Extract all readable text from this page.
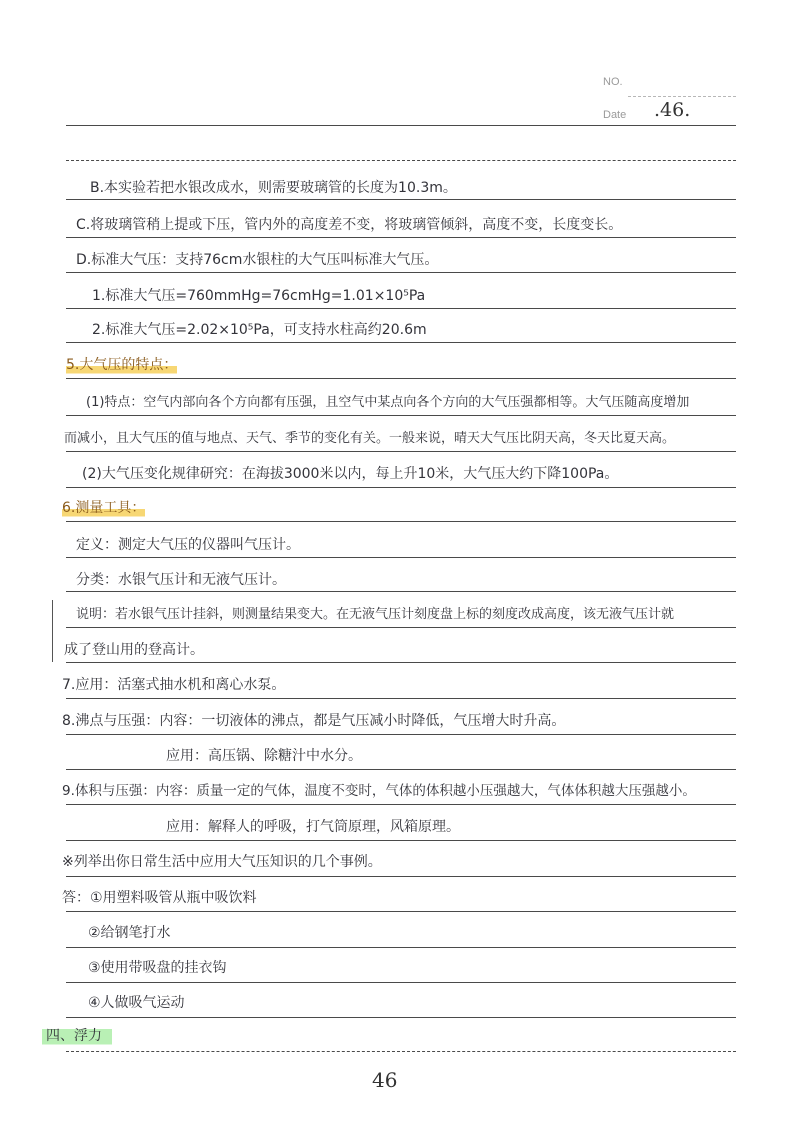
NO.
Date .46.
B.本实验若把水银改成水，则需要玻璃管的长度为10.3m。
C.将玻璃管稍上提或下压，管内外的高度差不变，将玻璃管倾斜，高度不变，长度变长。
D.标准大气压：支持76cm水银柱的大气压叫标准大气压。
1.标准大气压=760mmHg=76cmHg=1.01×10⁵Pa
2.标准大气压=2.02×10⁵Pa，可支持水柱高约20.6m
5.大气压的特点：
(1)特点：空气内部向各个方向都有压强，且空气中某点向各个方向的大气压强都相等。大气压随高度增加
而减小，且大气压的值与地点、天气、季节的变化有关。一般来说，晴天大气压比阴天高，冬天比夏天高。
(2)大气压变化规律研究：在海拔3000米以内，每上升10米，大气压大约下降100Pa。
6.测量工具：
定义：测定大气压的仪器叫气压计。
分类：水银气压计和无液气压计。
说明：若水银气压计挂斜，则测量结果变大。在无液气压计刻度盘上标的刻度改成高度，该无液气压计就
成了登山用的登高计。
7.应用：活塞式抽水机和离心水泵。
8.沸点与压强：内容：一切液体的沸点，都是气压减小时降低，气压增大时升高。
应用：高压锅、除糖汁中水分。
9.体积与压强：内容：质量一定的气体，温度不变时，气体的体积越小压强越大，气体体积越大压强越小。
应用：解释人的呼吸，打气筒原理，风箱原理。
※列举出你日常生活中应用大气压知识的几个事例。
答：①用塑料吸管从瓶中吸饮料
②给钢笔打水
③使用带吸盘的挂衣钩
④人做吸气运动
四、浮力
46
